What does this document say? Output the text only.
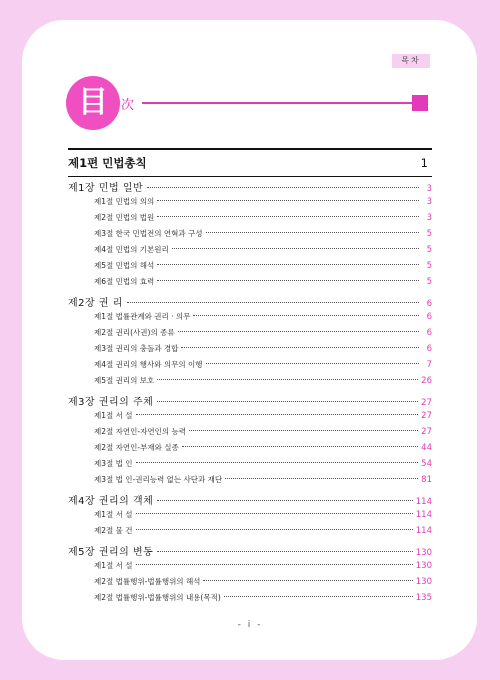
목차
目	次
제1편 민법총칙	1
제1장 민법 일반	3
제1절 민법의 의의	3
제2절 민법의 법원	3
제3절 한국 민법전의 연혁과 구성	5
제4절 민법의 기본원리	5
제5절 민법의 해석	5
제6절 민법의 효력	5
제2장 권 리	6
제1절 법률관계와 권리 · 의무	6
제2절 권리(사권)의 종류	6
제3절 권리의 충돌과 경합	6
제4절 권리의 행사와 의무의 이행	7
제5절 권리의 보호	26
제3장 권리의 주체	27
제1절 서 설	27
제2절 자연인-자연인의 능력	27
제2절 자연인-부재와 실종	44
제3절 법 인	54
제3절 법 인-권리능력 없는 사단과 재단	81
제4장 권리의 객체	114
제1절 서 설	114
제2절 물 건	114
제5장 권리의 변동	130
제1절 서 설	130
제2절 법률행위-법률행위의 해석	130
제2절 법률행위-법률행위의 내용(목적)	135
- i -
